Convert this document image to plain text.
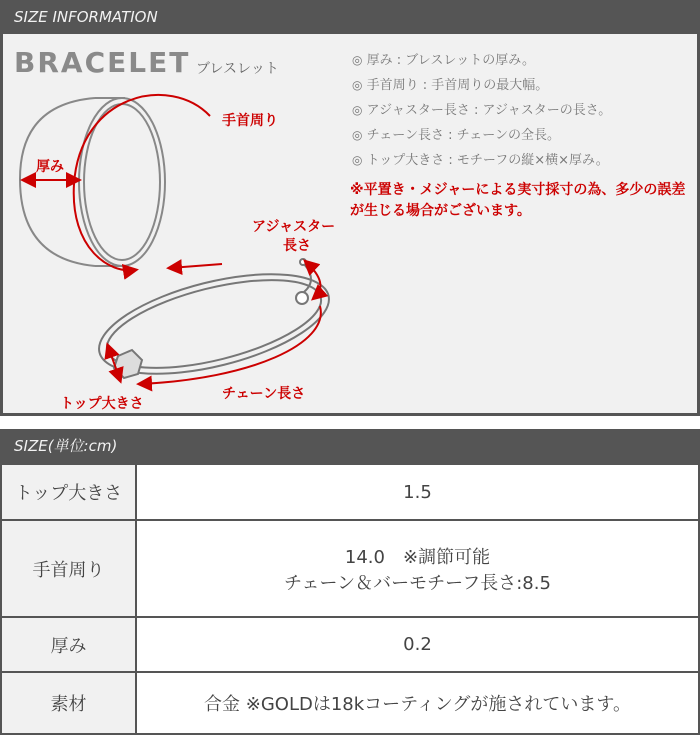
SIZE INFORMATION
BRACELET ブレスレット
厚み
手首周り
アジャスター
長さ
トップ大きさ
チェーン長さ
◎ 厚み : ブレスレットの厚み。
◎ 手首周り : 手首周りの最大幅。
◎ アジャスター長さ : アジャスターの長さ。
◎ チェーン長さ : チェーンの全長。
◎ トップ大きさ : モチーフの縦×横×厚み。
※平置き・メジャーによる実寸採寸の為、多少の誤差が生じる場合がございます。
SIZE(単位:cm)
トップ大きさ	1.5
手首周り	14.0　※調節可能
チェーン＆バーモチーフ長さ:8.5

厚み	0.2
素材	合金 ※GOLDは18kコーティングが施されています。
